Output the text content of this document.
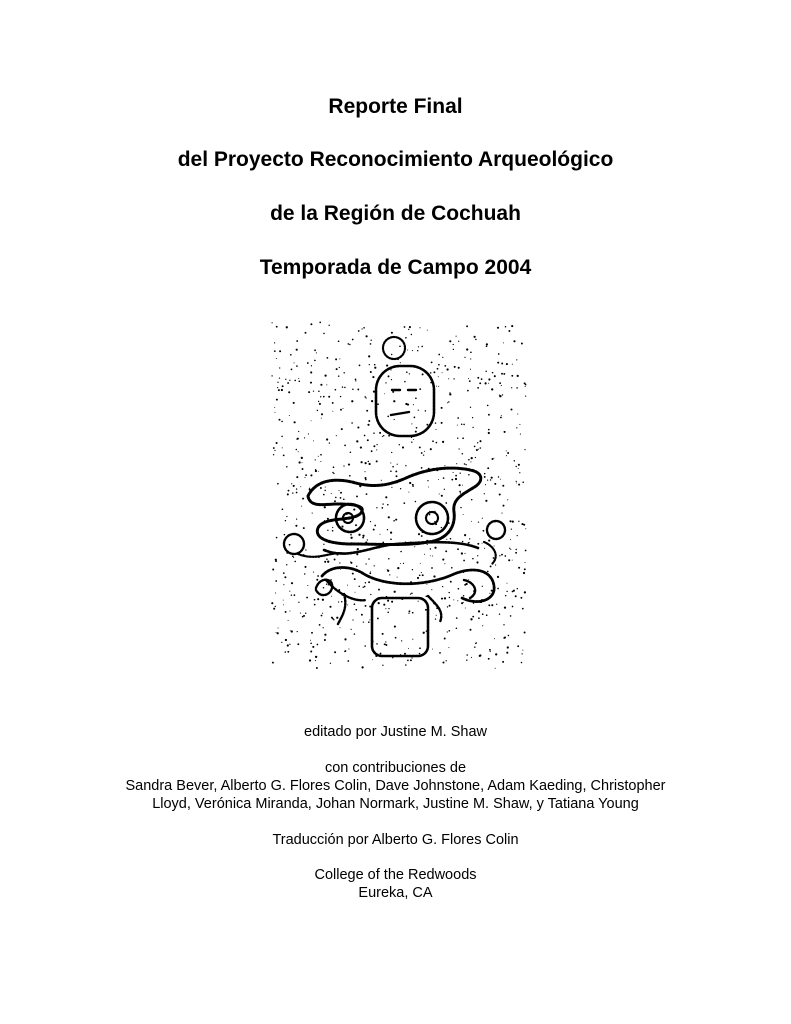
Reporte Final
del Proyecto Reconocimiento Arqueológico
de la Región de Cochuah
Temporada de Campo 2004

editado por Justine M. Shaw

con contribuciones de

Sandra Bever, Alberto G. Flores Colin, Dave Johnstone, Adam Kaeding, Christopher
Lloyd, Verónica Miranda, Johan Normark, Justine M. Shaw, y Tatiana Young

Traducción por Alberto G. Flores Colin

College of the Redwoods

Eureka, CA
